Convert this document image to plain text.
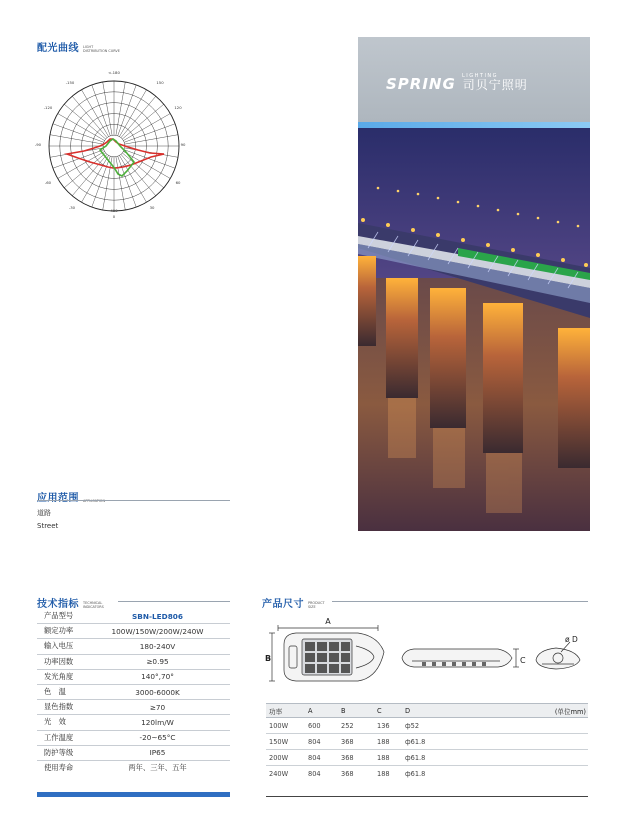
配光曲线 LIGHT
DISTRIBUTION CURVE
<-180
-150	150
-120	120
-90	90
-60	60
-30	30
400
0
LIGHTING
SPRING 司贝宁照明
应用范围 APPLICATION
道路
Street
技术指标 TECHNICAL
INDICATORS
产品型号	SBN-LED806
额定功率	100W/150W/200W/240W
输入电压	180-240V
功率因数	≥0.95
发光角度	140°,70°
色　温	3000-6000K
显色指数	≥70
光　效	120lm/W
工作温度	-20~65°C
防护等级	IP65
使用寿命	两年、三年、五年
产品尺寸 PRODUCT
SIZE
A
B	C
ø D
功率	A	B	C	D	(单位mm)
100W	600	252	136	ф52
150W	804	368	188	ф61.8
200W	804	368	188	ф61.8
240W	804	368	188	ф61.8
